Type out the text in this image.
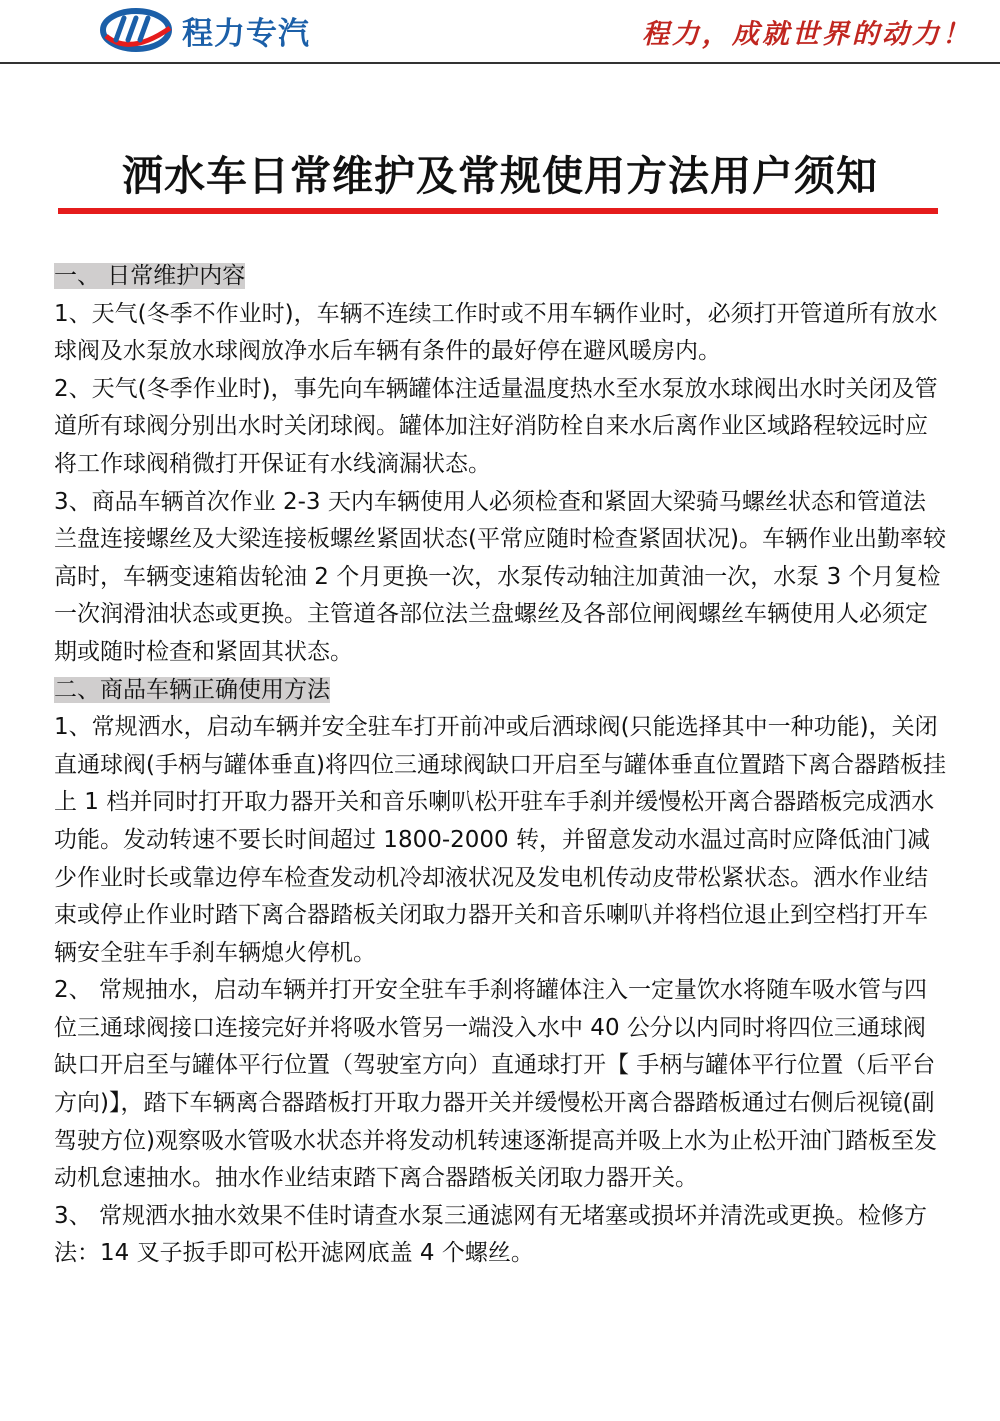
程力专汽	程力，成就世界的动力！
洒水车日常维护及常规使用方法用户须知
一、 日常维护内容

1、天气(冬季不作业时)，车辆不连续工作时或不用车辆作业时，必须打开管道所有放水球阀及水泵放水球阀放净水后车辆有条件的最好停在避风暖房内。

2、天气(冬季作业时)，事先向车辆罐体注适量温度热水至水泵放水球阀出水时关闭及管道所有球阀分别出水时关闭球阀。罐体加注好消防栓自来水后离作业区域路程较远时应将工作球阀稍微打开保证有水线滴漏状态。

3、商品车辆首次作业 2-3 天内车辆使用人必须检查和紧固大梁骑马螺丝状态和管道法兰盘连接螺丝及大梁连接板螺丝紧固状态(平常应随时检查紧固状况)。车辆作业出勤率较高时，车辆变速箱齿轮油 2 个月更换一次，水泵传动轴注加黄油一次，水泵 3 个月复检一次润滑油状态或更换。主管道各部位法兰盘螺丝及各部位闸阀螺丝车辆使用人必须定期或随时检查和紧固其状态。

二、商品车辆正确使用方法

1、常规洒水，启动车辆并安全驻车打开前冲或后洒球阀(只能选择其中一种功能)，关闭直通球阀(手柄与罐体垂直)将四位三通球阀缺口开启至与罐体垂直位置踏下离合器踏板挂上 1 档并同时打开取力器开关和音乐喇叭松开驻车手刹并缓慢松开离合器踏板完成洒水功能。发动转速不要长时间超过 1800-2000 转，并留意发动水温过高时应降低油门减少作业时长或靠边停车检查发动机冷却液状况及发电机传动皮带松紧状态。洒水作业结束或停止作业时踏下离合器踏板关闭取力器开关和音乐喇叭并将档位退止到空档打开车辆安全驻车手刹车辆熄火停机。

2、 常规抽水，启动车辆并打开安全驻车手刹将罐体注入一定量饮水将随车吸水管与四位三通球阀接口连接完好并将吸水管另一端没入水中 40 公分以内同时将四位三通球阀缺口开启至与罐体平行位置（驾驶室方向）直通球打开【 手柄与罐体平行位置（后平台方向)】，踏下车辆离合器踏板打开取力器开关并缓慢松开离合器踏板通过右侧后视镜(副驾驶方位)观察吸水管吸水状态并将发动机转速逐渐提高并吸上水为止松开油门踏板至发动机怠速抽水。抽水作业结束踏下离合器踏板关闭取力器开关。

3、 常规洒水抽水效果不佳时请查水泵三通滤网有无堵塞或损坏并清洗或更换。检修方法：14 叉子扳手即可松开滤网底盖 4 个螺丝。
